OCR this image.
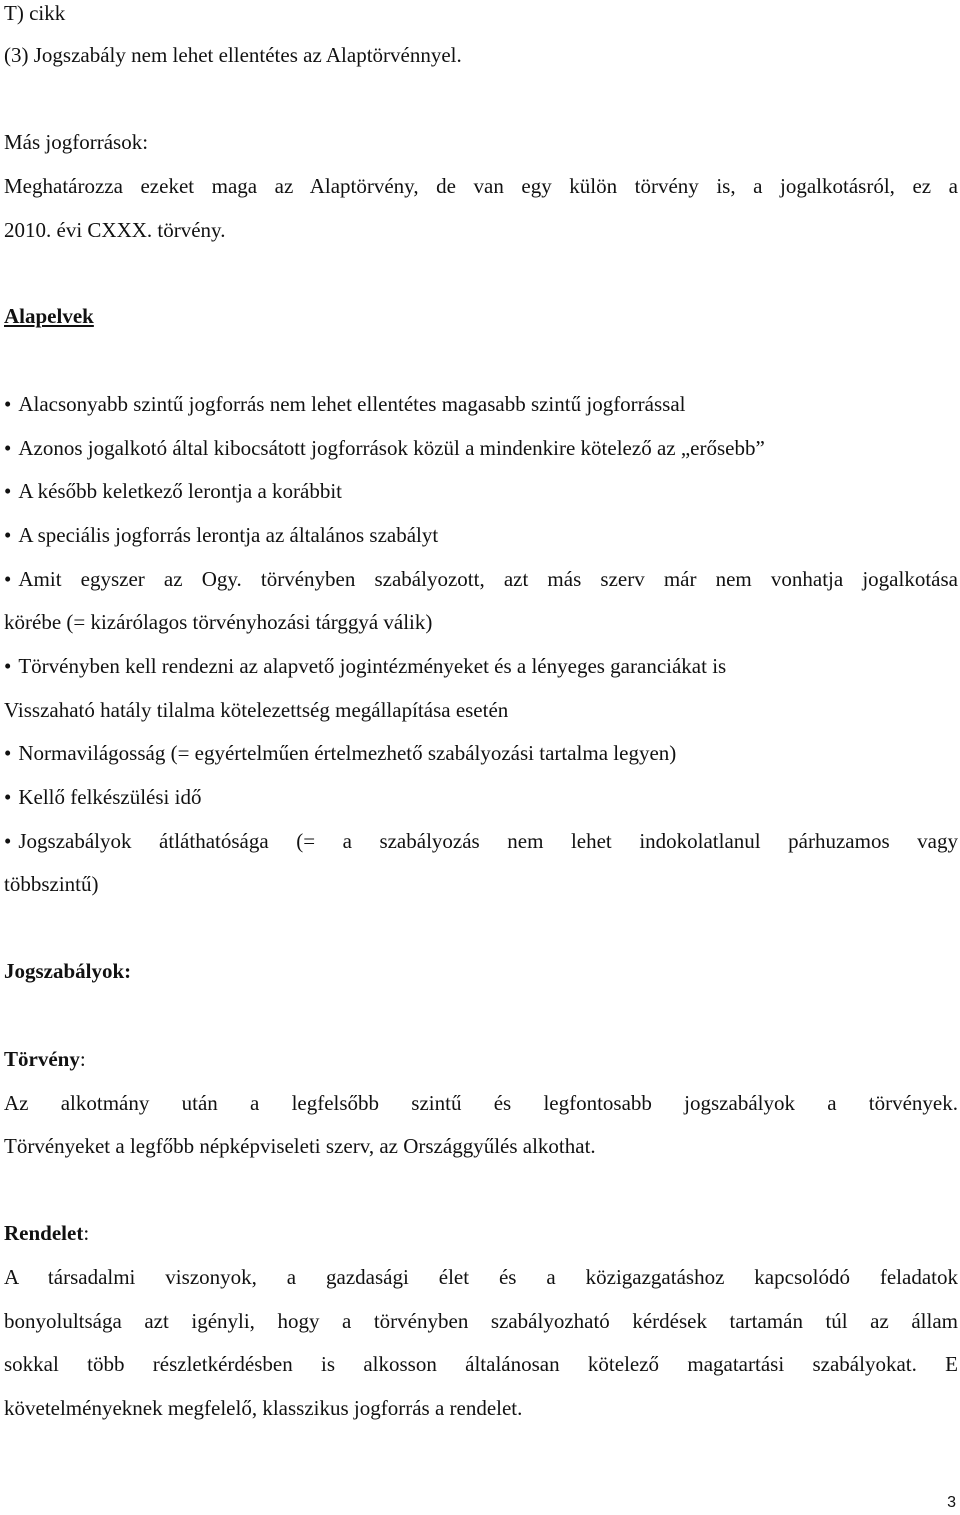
T) cikk
(3) Jogszabály nem lehet ellentétes az Alaptörvénnyel.
Más jogforrások:
Meghatározza ezeket maga az Alaptörvény, de van egy külön törvény is, a jogalkotásról, ez a
2010. évi CXXX. törvény.
Alapelvek
• Alacsonyabb szintű jogforrás nem lehet ellentétes magasabb szintű jogforrással
• Azonos jogalkotó által kibocsátott jogforrások közül a mindenkire kötelező az „erősebb”
• A később keletkező lerontja a korábbit
• A speciális jogforrás lerontja az általános szabályt
• Amit egyszer az Ogy. törvényben szabályozott, azt más szerv már nem vonhatja jogalkotása
körébe (= kizárólagos törvényhozási tárggyá válik)
• Törvényben kell rendezni az alapvető jogintézményeket és a lényeges garanciákat is
Visszaható hatály tilalma kötelezettség megállapítása esetén
• Normavilágosság (= egyértelműen értelmezhető szabályozási tartalma legyen)
• Kellő felkészülési idő
• Jogszabályok átláthatósága (= a szabályozás nem lehet indokolatlanul párhuzamos vagy
többszintű)
Jogszabályok:
Törvény:
Az alkotmány után a legfelsőbb szintű és legfontosabb jogszabályok a törvények.
Törvényeket a legfőbb népképviseleti szerv, az Országgyűlés alkothat.
Rendelet:
A társadalmi viszonyok, a gazdasági élet és a közigazgatáshoz kapcsolódó feladatok
bonyolultsága azt igényli, hogy a törvényben szabályozható kérdések tartamán túl az állam
sokkal több részletkérdésben is alkosson általánosan kötelező magatartási szabályokat. E
követelményeknek megfelelő, klasszikus jogforrás a rendelet.
3
